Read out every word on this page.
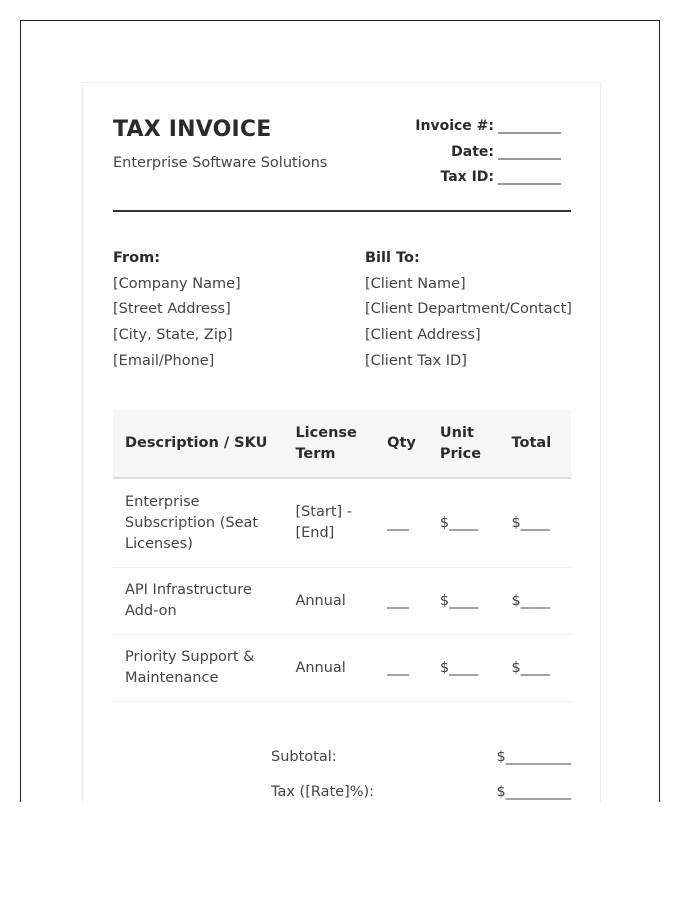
TAX INVOICE
Enterprise Software Solutions
Invoice #: _________
Date: _________
Tax ID: _________
From:
[Company Name]
[Street Address]
[City, State, Zip]
[Email/Phone]
Bill To:
[Client Name]
[Client Department/Contact]
[Client Address]
[Client Tax ID]
Description / SKU	License Term	Qty	Unit Price	Total
Enterprise Subscription (Seat Licenses)	[Start] - [End]	___	$____	$____
API Infrastructure Add-on	Annual	___	$____	$____
Priority Support & Maintenance	Annual	___	$____	$____
Subtotal:	$_________
Tax ([Rate]%):	$_________
